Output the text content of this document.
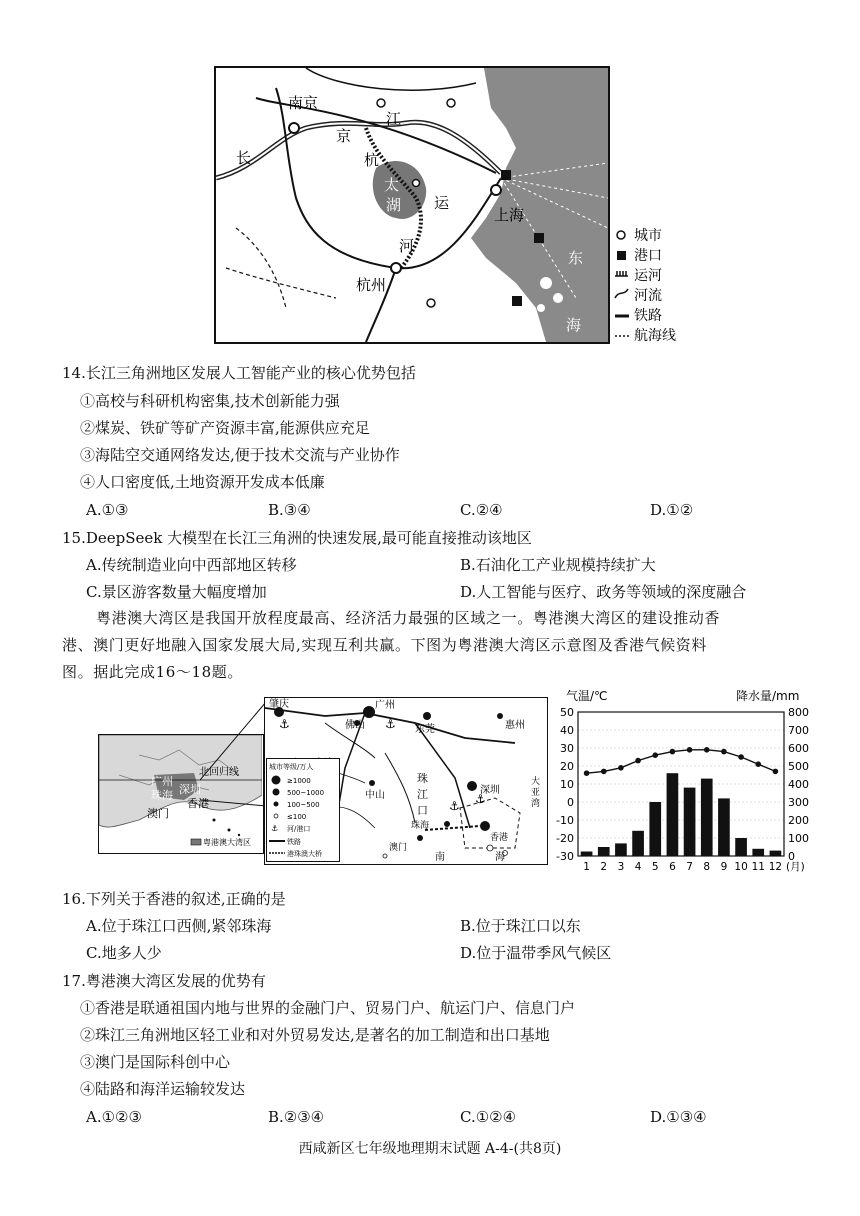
南京
京
杭
江
长
太
湖 运
河
上海
杭州
东
海
城市
港口
运河
河流
铁路
航海线
14.长江三角洲地区发展人工智能产业的核心优势包括
①高校与科研机构密集,技术创新能力强
②煤炭、铁矿等矿产资源丰富,能源供应充足
③海陆空交通网络发达,便于技术交流与产业协作
④人口密度低,土地资源开发成本低廉
A.①③	B.③④	C.②④	D.①②
15.DeepSeek 大模型在长江三角洲的快速发展,最可能直接推动该地区
A.传统制造业向中西部地区转移	B.石油化工产业规模持续扩大
C.景区游客数量大幅度增加	D.人工智能与医疗、政务等领域的深度融合
粤港澳大湾区是我国开放程度最高、经济活力最强的区域之一。粤港澳大湾区的建设推动香
港、澳门更好地融入国家发展大局,实现互利共赢。下图为粤港澳大湾区示意图及香港气候资料
图。据此完成16～18题。
广州
深圳
珠海
香港
澳门
北回归线
粤港澳大湾区
⚓	⚓
⚓
⚓
肇庆
佛山
广州
东莞	惠州
中山
珠
江
口
深圳
珠海
澳门
香港
大
亚
湾
南	海
城市等级/万人
≥1000
500~1000
100~500
≤100
⚓ 河/港口
铁路
港珠澳大桥
气温/℃	降水量/mm
50
40
30
20
10
0
-10
-20
-30
800
700
600
500
400
300
200
100
0
1 2 3 4 5 6 7 8 9 10 11 12 (月)
16.下列关于香港的叙述,正确的是
A.位于珠江口西侧,紧邻珠海	B.位于珠江口以东
C.地多人少	D.位于温带季风气候区
17.粤港澳大湾区发展的优势有
①香港是联通祖国内地与世界的金融门户、贸易门户、航运门户、信息门户
②珠江三角洲地区轻工业和对外贸易发达,是著名的加工制造和出口基地
③澳门是国际科创中心
④陆路和海洋运输较发达
A.①②③	B.②③④	C.①②④	D.①③④
西咸新区七年级地理期末试题 A-4-(共8页)
